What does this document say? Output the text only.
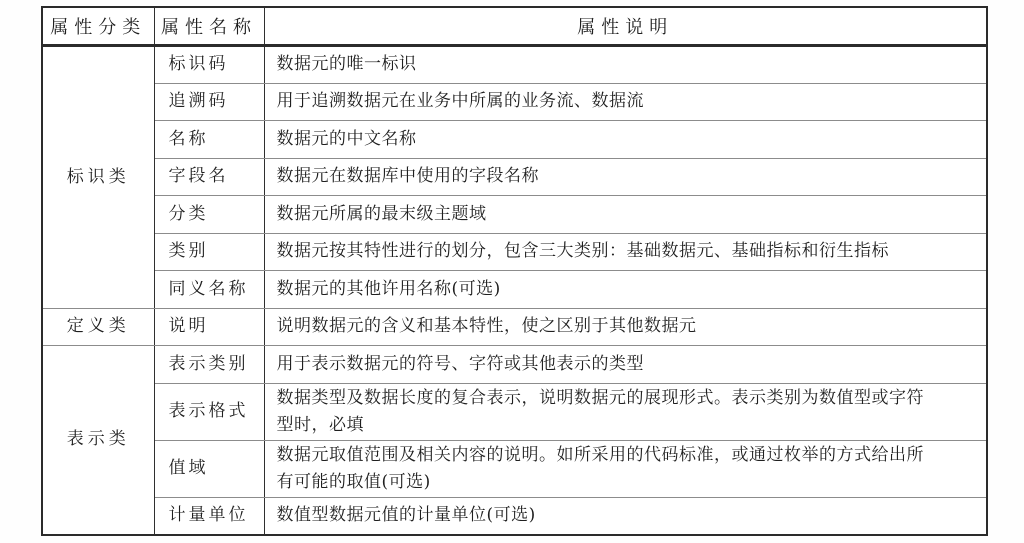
属性分类	属性名称	属性说明
标识类	标识码	数据元的唯一标识
	追溯码	用于追溯数据元在业务中所属的业务流、数据流
	名称	数据元的中文名称
	字段名	数据元在数据库中使用的字段名称
	分类	数据元所属的最末级主题域
	类别	数据元按其特性进行的划分，包含三大类别：基础数据元、基础指标和衍生指标
	同义名称	数据元的其他许用名称(可选)
定义类	说明	说明数据元的含义和基本特性，使之区别于其他数据元
表示类	表示类别	用于表示数据元的符号、字符或其他表示的类型
	表示格式	数据类型及数据长度的复合表示，说明数据元的展现形式。表示类别为数值型或字符型时，必填
	值域	数据元取值范围及相关内容的说明。如所采用的代码标准，或通过枚举的方式给出所有可能的取值(可选)
	计量单位	数值型数据元值的计量单位(可选)
